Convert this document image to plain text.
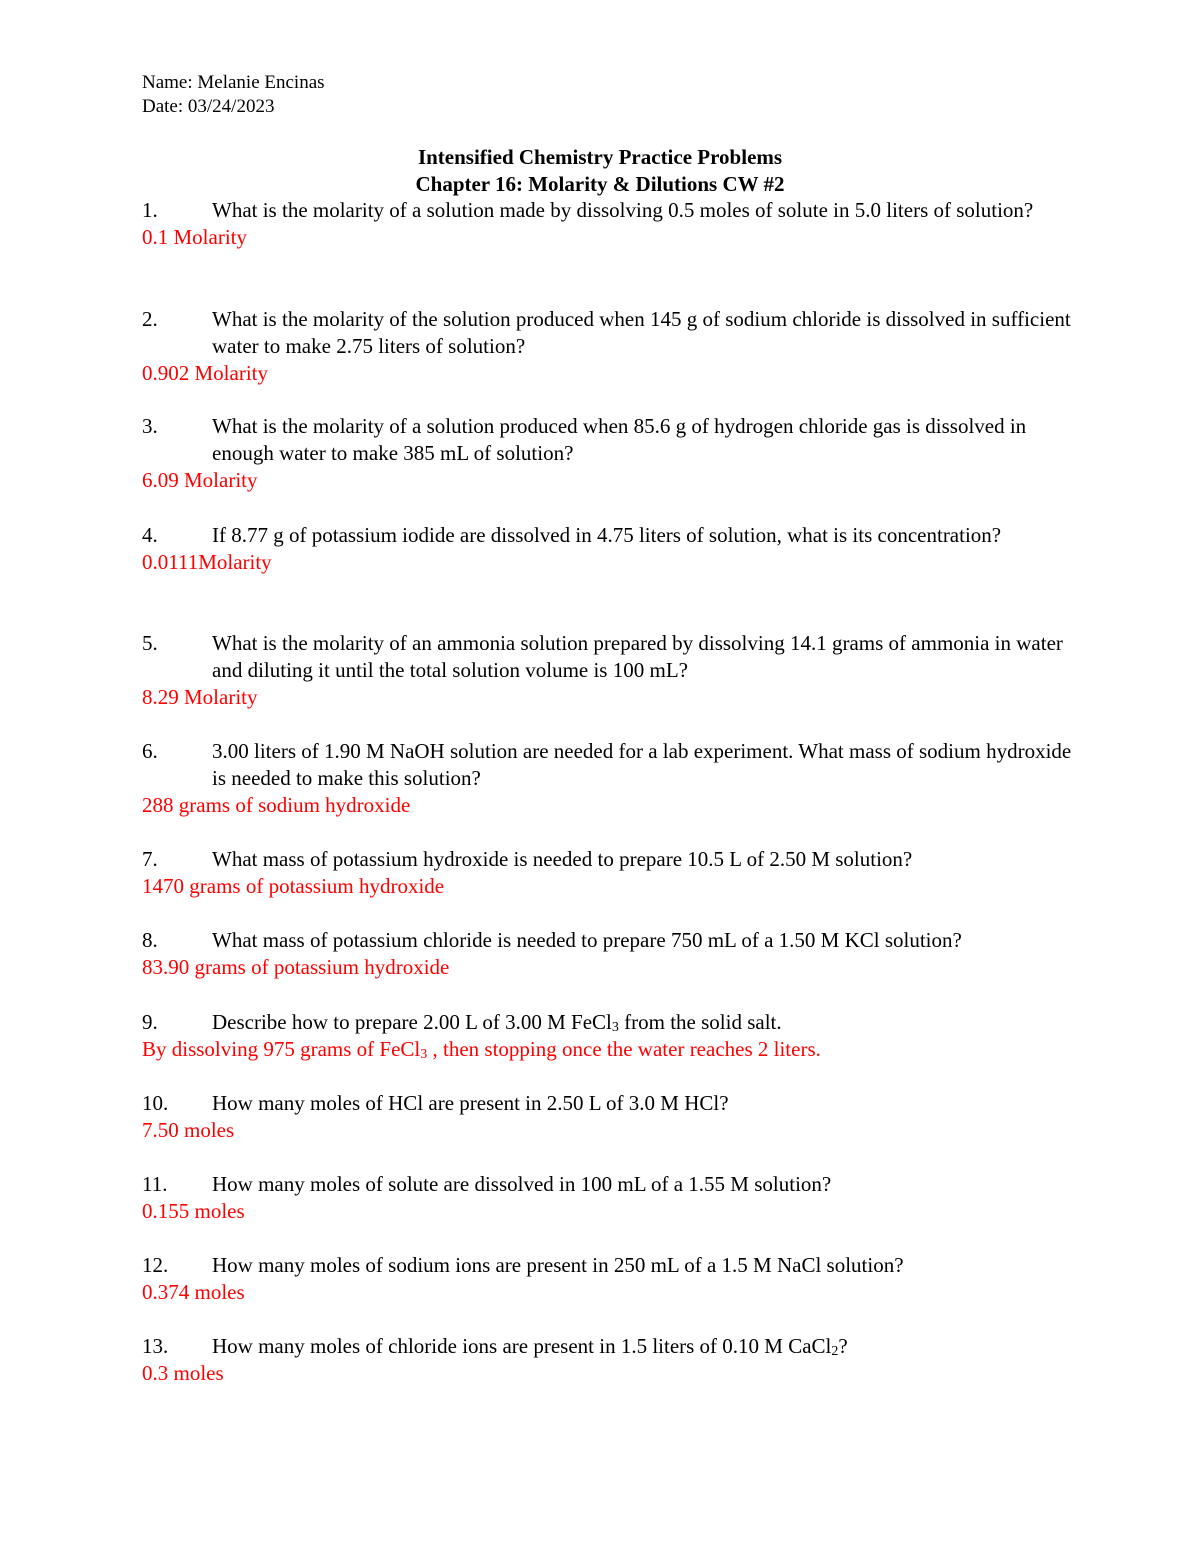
Name: Melanie Encinas
Date: 03/24/2023
Intensified Chemistry Practice Problems
Chapter 16: Molarity & Dilutions CW #2
1.	What is the molarity of a solution made by dissolving 0.5 moles of solute in 5.0 liters of solution?
0.1 Molarity
2.	What is the molarity of the solution produced when 145 g of sodium chloride is dissolved in sufficient water to make 2.75 liters of solution?
0.902 Molarity
3.	What is the molarity of a solution produced when 85.6 g of hydrogen chloride gas is dissolved in enough water to make 385 mL of solution?
6.09 Molarity
4.	If 8.77 g of potassium iodide are dissolved in 4.75 liters of solution, what is its concentration?
0.0111Molarity
5.	What is the molarity of an ammonia solution prepared by dissolving 14.1 grams of ammonia in water and diluting it until the total solution volume is 100 mL?
8.29 Molarity
6.	3.00 liters of 1.90 M NaOH solution are needed for a lab experiment. What mass of sodium hydroxide is needed to make this solution?
288 grams of sodium hydroxide
7.	What mass of potassium hydroxide is needed to prepare 10.5 L of 2.50 M solution?
1470 grams of potassium hydroxide
8.	What mass of potassium chloride is needed to prepare 750 mL of a 1.50 M KCl solution?
83.90 grams of potassium hydroxide
9.	Describe how to prepare 2.00 L of 3.00 M FeCl3 from the solid salt.
By dissolving 975 grams of FeCl3 , then stopping once the water reaches 2 liters.
10. How many moles of HCl are present in 2.50 L of 3.0 M HCl?
7.50 moles
11. How many moles of solute are dissolved in 100 mL of a 1.55 M solution?
0.155 moles
12. How many moles of sodium ions are present in 250 mL of a 1.5 M NaCl solution?
0.374 moles
13. How many moles of chloride ions are present in 1.5 liters of 0.10 M CaCl2?
0.3 moles
